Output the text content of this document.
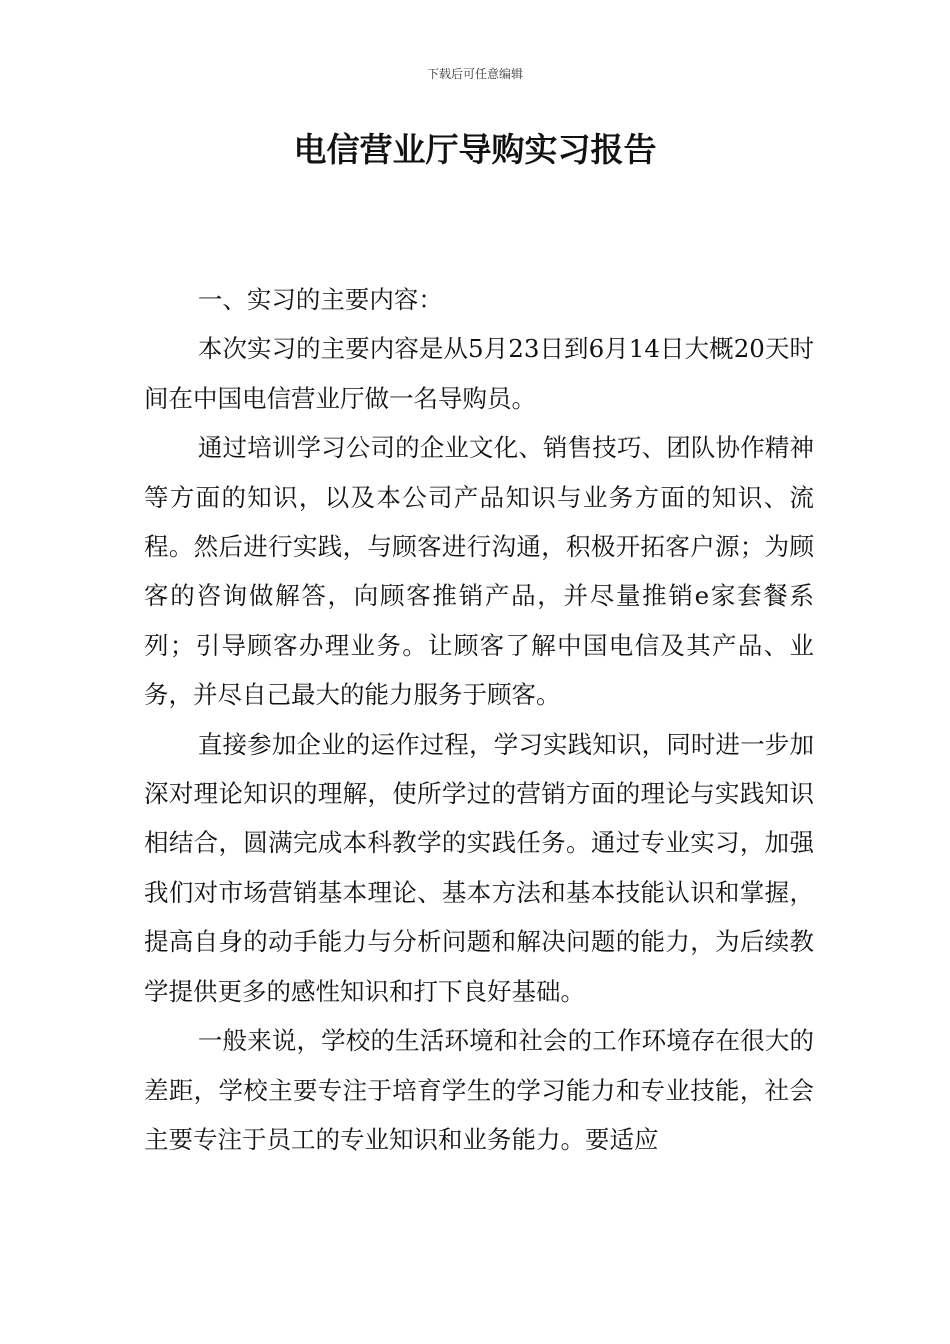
下载后可任意编辑
电信营业厅导购实习报告

一、实习的主要内容：

本次实习的主要内容是从5月23日到6月14日大概20天时间在中国电信营业厅做一名导购员。

通过培训学习公司的企业文化、销售技巧、团队协作精神等方面的知识，以及本公司产品知识与业务方面的知识、流程。然后进行实践，与顾客进行沟通，积极开拓客户源；为顾客的咨询做解答，向顾客推销产品，并尽量推销e家套餐系列；引导顾客办理业务。让顾客了解中国电信及其产品、业务，并尽自己最大的能力服务于顾客。

直接参加企业的运作过程，学习实践知识，同时进一步加深对理论知识的理解，使所学过的营销方面的理论与实践知识相结合，圆满完成本科教学的实践任务。通过专业实习，加强我们对市场营销基本理论、基本方法和基本技能认识和掌握，提高自身的动手能力与分析问题和解决问题的能力，为后续教学提供更多的感性知识和打下良好基础。

一般来说，学校的生活环境和社会的工作环境存在很大的差距，学校主要专注于培育学生的学习能力和专业技能，社会主要专注于员工的专业知识和业务能力。要适应
